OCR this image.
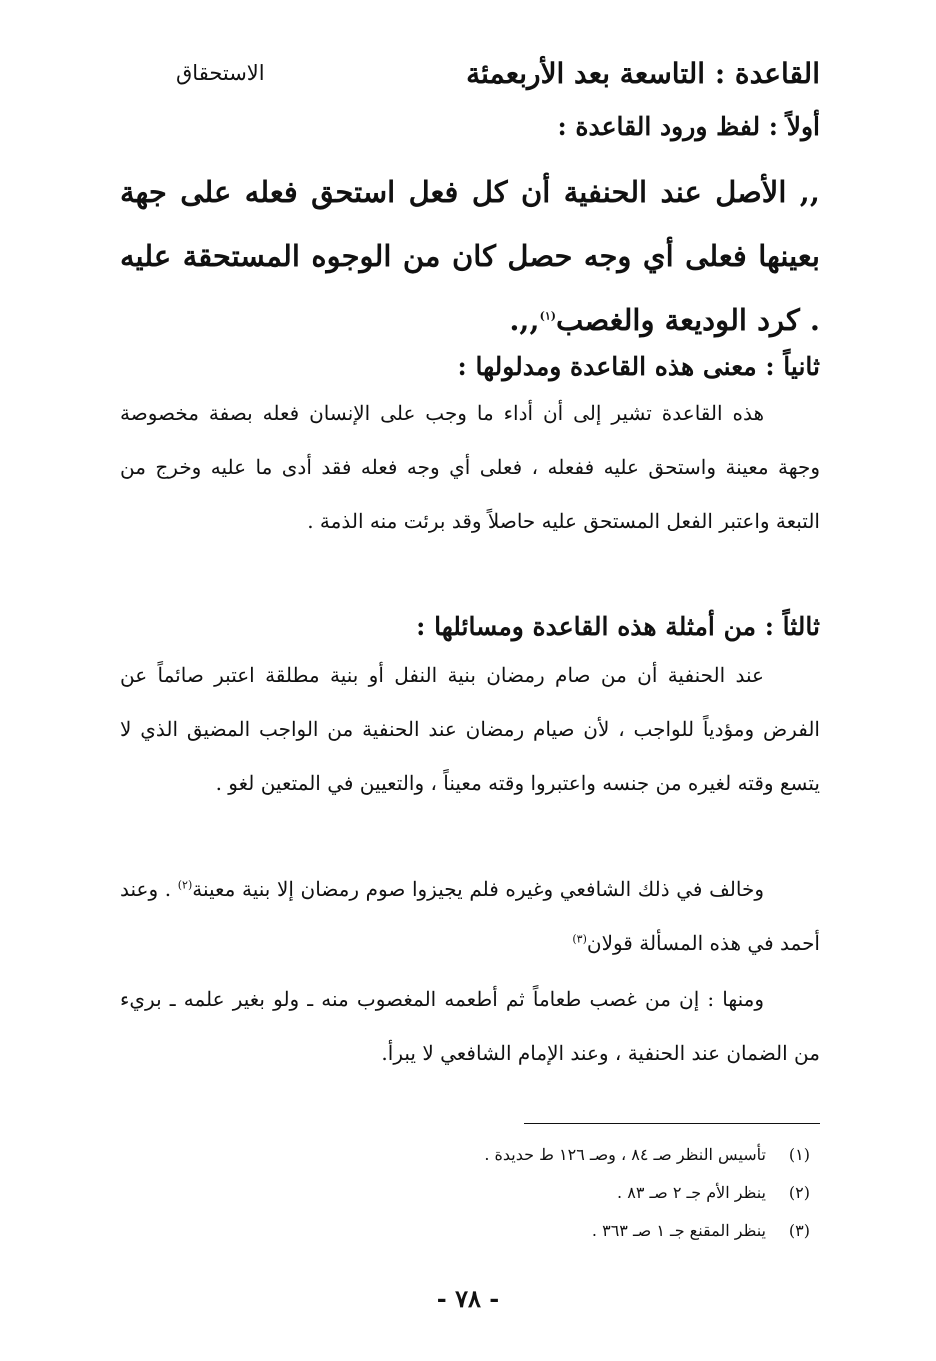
القاعدة : التاسعة بعد الأربعمئة
الاستحقاق
أولاً : لفظ ورود القاعدة :
,, الأصل عند الحنفية أن كل فعل استحق فعله على جهة بعينها فعلى أي وجه حصل كان من الوجوه المستحقة عليه . كرد الوديعة والغصب$^{(١)}$,,.
ثانياً : معنى هذه القاعدة ومدلولها :

هذه القاعدة تشير إلى أن أداء ما وجب على الإنسان فعله بصفة مخصوصة وجهة معينة واستحق عليه ففعله ، فعلى أي وجه فعله فقد أدى ما عليه وخرج من التبعة واعتبر الفعل المستحق عليه حاصلاً وقد برئت منه الذمة .

ثالثاً : من أمثلة هذه القاعدة ومسائلها :

عند الحنفية أن من صام رمضان بنية النفل أو بنية مطلقة اعتبر صائماً عن الفرض ومؤدياً للواجب ، لأن صيام رمضان عند الحنفية من الواجب المضيق الذي لا يتسع وقته لغيره من جنسه واعتبروا وقته معيناً ، والتعيين في المتعين لغو .

وخالف في ذلك الشافعي وغيره فلم يجيزوا صوم رمضان إلا بنية معينة$^{(٢)}$ . وعند أحمد في هذه المسألة قولان$^{(٣)}$

ومنها : إن من غصب طعاماً ثم أطعمه المغصوب منه ـ ولو بغير علمه ـ بريء من الضمان عند الحنفية ، وعند الإمام الشافعي لا يبرأ.

(١)تأسيس النظر صـ ٨٤ ، وصـ ١٢٦ ط حديدة .
(٢)ينظر الأم جـ ٢ صـ ٨٣ .
(٣)ينظر المقنع جـ ١ صـ ٣٦٣ .
- ٧٨ -
